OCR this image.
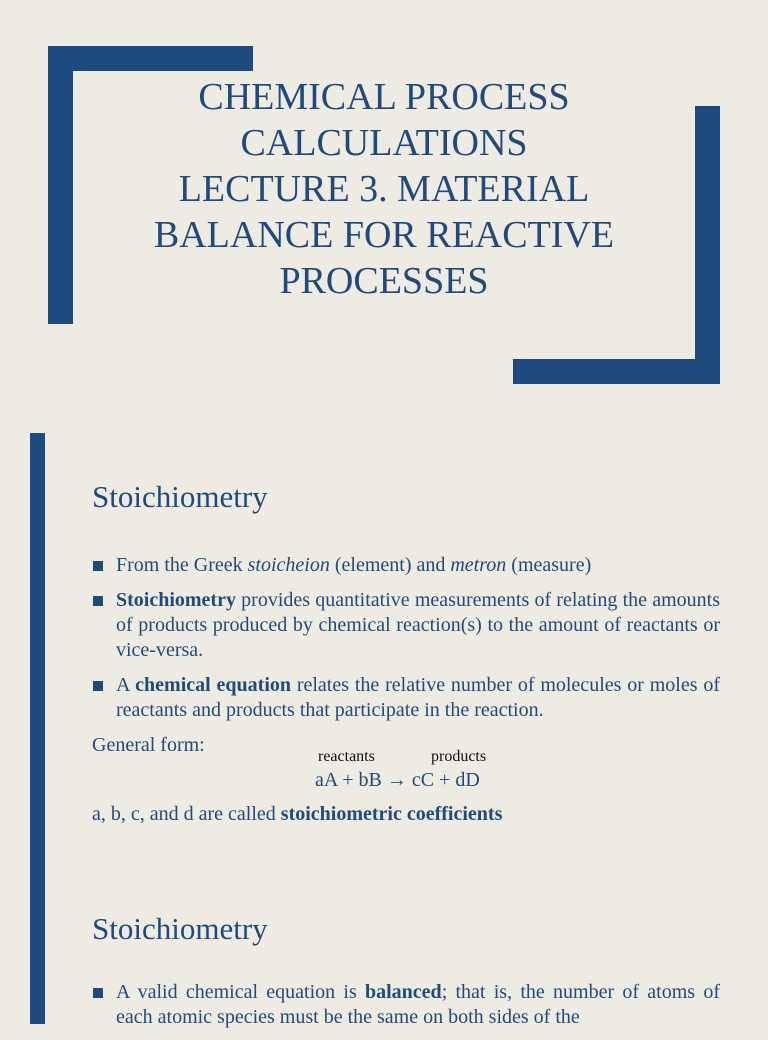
CHEMICAL PROCESS
CALCULATIONS
LECTURE 3. MATERIAL
BALANCE FOR REACTIVE
PROCESSES
Stoichiometry
From the Greek stoicheion (element) and metron (measure)
Stoichiometry provides quantitative measurements of relating the amounts of products produced by chemical reaction(s) to the amount of reactants or vice-versa.
A chemical equation relates the relative number of molecules or moles of reactants and products that participate in the reaction.
General form:
reactants	products
aA + bB → cC + dD
a, b, c, and d are called stoichiometric coefficients
Stoichiometry
A valid chemical equation is balanced; that is, the number of atoms of each atomic species must be the same on both sides of the
